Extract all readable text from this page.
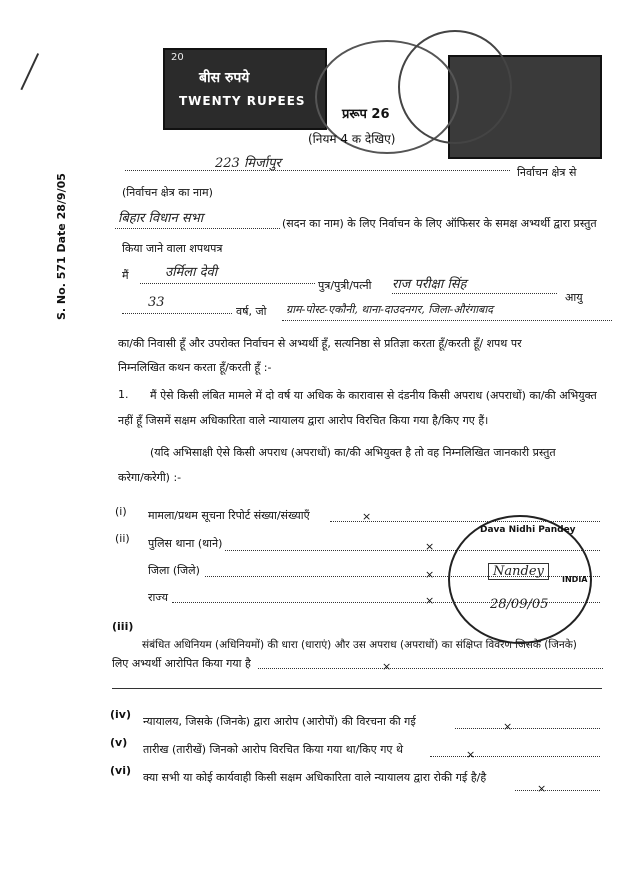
20
बीस रुपये
TWENTY RUPEES
S. No. 571 Date 28/9/05
प्ररूप 26
(नियम 4 क देखिए)
223 मिर्जापुर
निर्वाचन क्षेत्र से
(निर्वाचन क्षेत्र का नाम)
बिहार विधान सभा	(सदन का नाम) के लिए निर्वाचन के लिए ऑफिसर के समक्ष अभ्यर्थी द्वारा प्रस्तुत
किया जाने वाला शपथपत्र
मैं	उर्मिला देवी
पुत्र/पुत्री/पत्नी राज परीक्षा सिंह
आयु
33
वर्ष, जो ग्राम-पोस्ट-एकौनी, थाना-दाउदनगर, जिला-औरंगाबाद
का/की निवासी हूँ और उपरोक्त निर्वाचन से अभ्यर्थी हूँ, सत्यनिष्ठा से प्रतिज्ञा करता हूँ/करती हूँ/ शपथ पर
निम्नलिखित कथन करता हूँ/करती हूँ :-
1. मैं ऐसे किसी लंबित मामले में दो वर्ष या अधिक के कारावास से दंडनीय किसी अपराध (अपराधों) का/की अभियुक्त
नहीं हूँ जिसमें सक्षम अधिकारिता वाले न्यायालय द्वारा आरोप विरचित किया गया है/किए गए हैं।
(यदि अभिसाक्षी ऐसे किसी अपराध (अपराधों) का/की अभियुक्त है तो वह निम्नलिखित जानकारी प्रस्तुत
करेगा/करेगी) :-
(i) मामला/प्रथम सूचना रिपोर्ट संख्या/संख्याएँ	×
(ii) पुलिस थाना (थाने)	×
जिला (जिले)	×
राज्य	×
(iii)
संबंधित अधिनियम (अधिनियमों) की धारा (धाराएं) और उस अपराध (अपराधों) का संक्षिप्त विवरण जिसके (जिनके)
लिए अभ्यर्थी आरोपित किया गया है	×
(iv)
न्यायालय, जिसके (जिनके) द्वारा आरोप (आरोपों) की विरचना की गई	×
(v)
तारीख (तारीखें) जिनको आरोप विरचित किया गया था/किए गए थे	×
(vi)
क्या सभी या कोई कार्यवाही किसी सक्षम अधिकारिता वाले न्यायालय द्वारा रोकी गई है/है
×
Dava Nidhi Pandey
Nandey
28/09/05
INDIA
